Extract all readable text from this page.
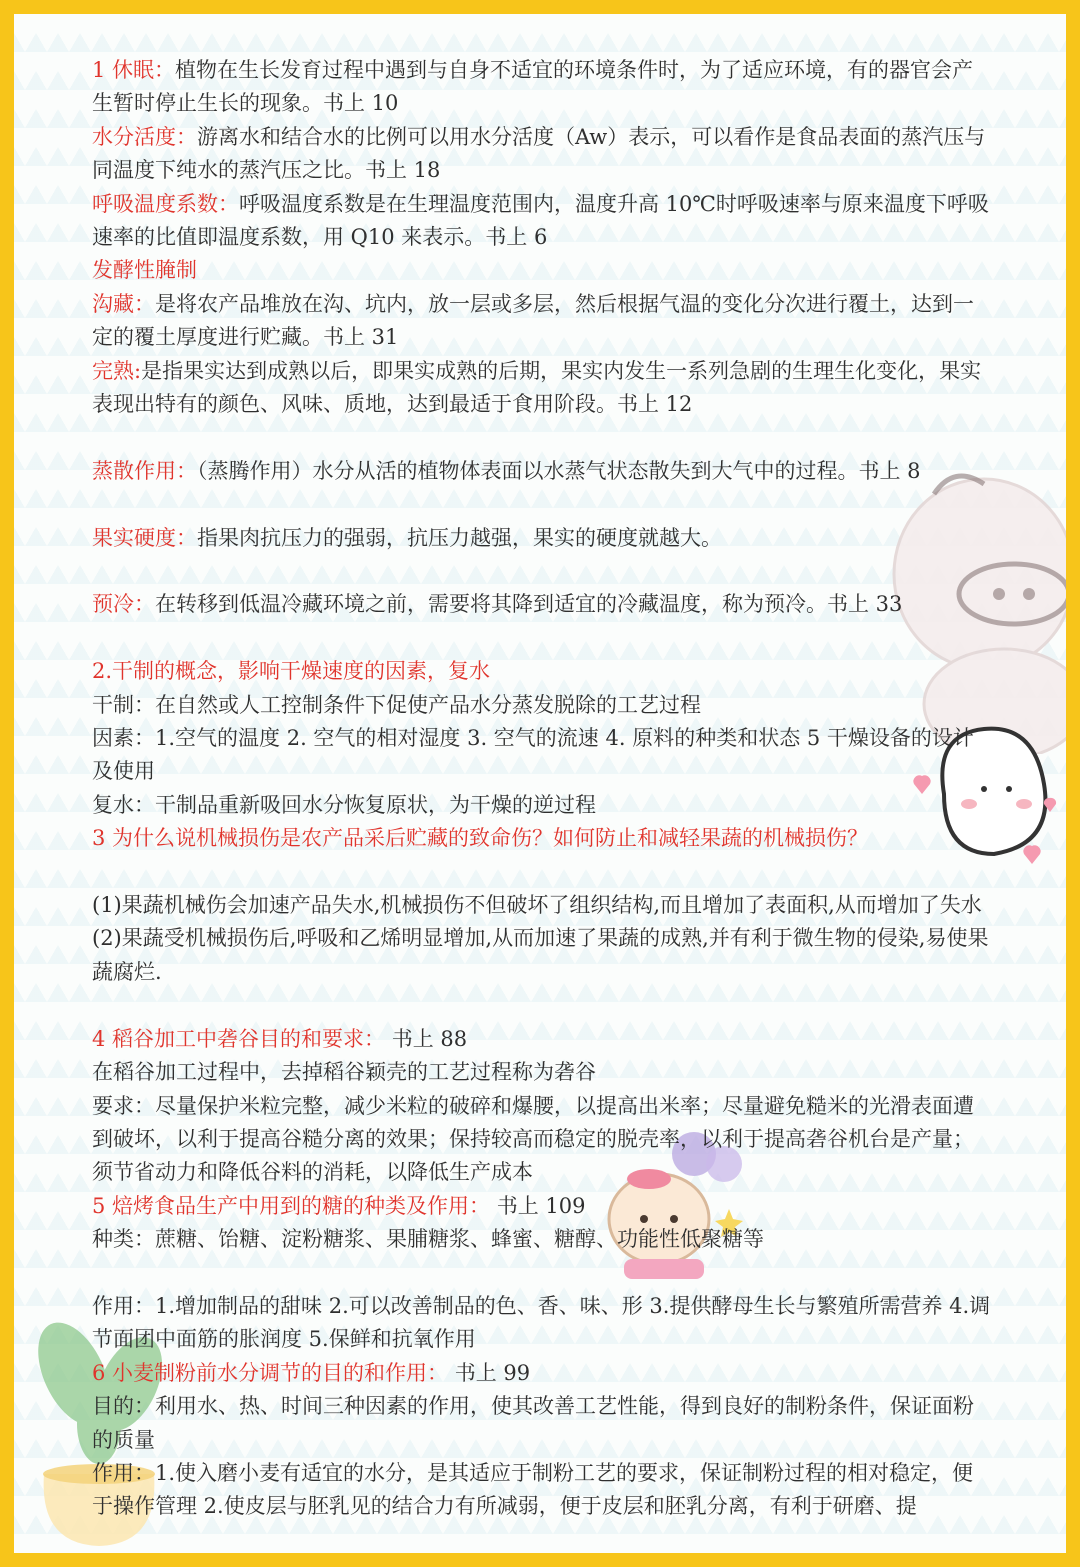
1 休眠：植物在生长发育过程中遇到与自身不适宜的环境条件时，为了适应环境，有的器官会产生暂时停止生长的现象。书上 10

水分活度：游离水和结合水的比例可以用水分活度（Aw）表示，可以看作是食品表面的蒸汽压与同温度下纯水的蒸汽压之比。书上 18

呼吸温度系数：呼吸温度系数是在生理温度范围内，温度升高 10℃时呼吸速率与原来温度下呼吸速率的比值即温度系数，用 Q10 来表示。书上 6

发酵性腌制

沟藏：是将农产品堆放在沟、坑内，放一层或多层，然后根据气温的变化分次进行覆土，达到一定的覆土厚度进行贮藏。书上 31

完熟:是指果实达到成熟以后，即果实成熟的后期，果实内发生一系列急剧的生理生化变化，果实表现出特有的颜色、风味、质地，达到最适于食用阶段。书上 12

蒸散作用：（蒸腾作用）水分从活的植物体表面以水蒸气状态散失到大气中的过程。书上 8

果实硬度：指果肉抗压力的强弱，抗压力越强，果实的硬度就越大。

预冷：在转移到低温冷藏环境之前，需要将其降到适宜的冷藏温度，称为预冷。书上 33

2.干制的概念，影响干燥速度的因素，复水

干制：在自然或人工控制条件下促使产品水分蒸发脱除的工艺过程

因素：1.空气的温度 2. 空气的相对湿度 3. 空气的流速 4. 原料的种类和状态 5 干燥设备的设计及使用

复水：干制品重新吸回水分恢复原状，为干燥的逆过程

3 为什么说机械损伤是农产品采后贮藏的致命伤？如何防止和减轻果蔬的机械损伤？

(1)果蔬机械伤会加速产品失水,机械损伤不但破坏了组织结构,而且增加了表面积,从而增加了失水 (2)果蔬受机械损伤后,呼吸和乙烯明显增加,从而加速了果蔬的成熟,并有利于微生物的侵染,易使果蔬腐烂.

4 稻谷加工中砻谷目的和要求： 书上 88

在稻谷加工过程中，去掉稻谷颖壳的工艺过程称为砻谷

要求：尽量保护米粒完整，减少米粒的破碎和爆腰，以提高出米率；尽量避免糙米的光滑表面遭到破坏，以利于提高谷糙分离的效果；保持较高而稳定的脱壳率，以利于提高砻谷机台是产量；须节省动力和降低谷料的消耗，以降低生产成本

5 焙烤食品生产中用到的糖的种类及作用： 书上 109

种类：蔗糖、饴糖、淀粉糖浆、果脯糖浆、蜂蜜、糖醇、功能性低聚糖等

作用：1.增加制品的甜味 2.可以改善制品的色、香、味、形 3.提供酵母生长与繁殖所需营养 4.调节面团中面筋的胀润度 5.保鲜和抗氧作用

6 小麦制粉前水分调节的目的和作用： 书上 99

目的：利用水、热、时间三种因素的作用，使其改善工艺性能，得到良好的制粉条件，保证面粉的质量

作用：1.使入磨小麦有适宜的水分，是其适应于制粉工艺的要求，保证制粉过程的相对稳定，便于操作管理 2.使皮层与胚乳见的结合力有所减弱，便于皮层和胚乳分离，有利于研磨、提
